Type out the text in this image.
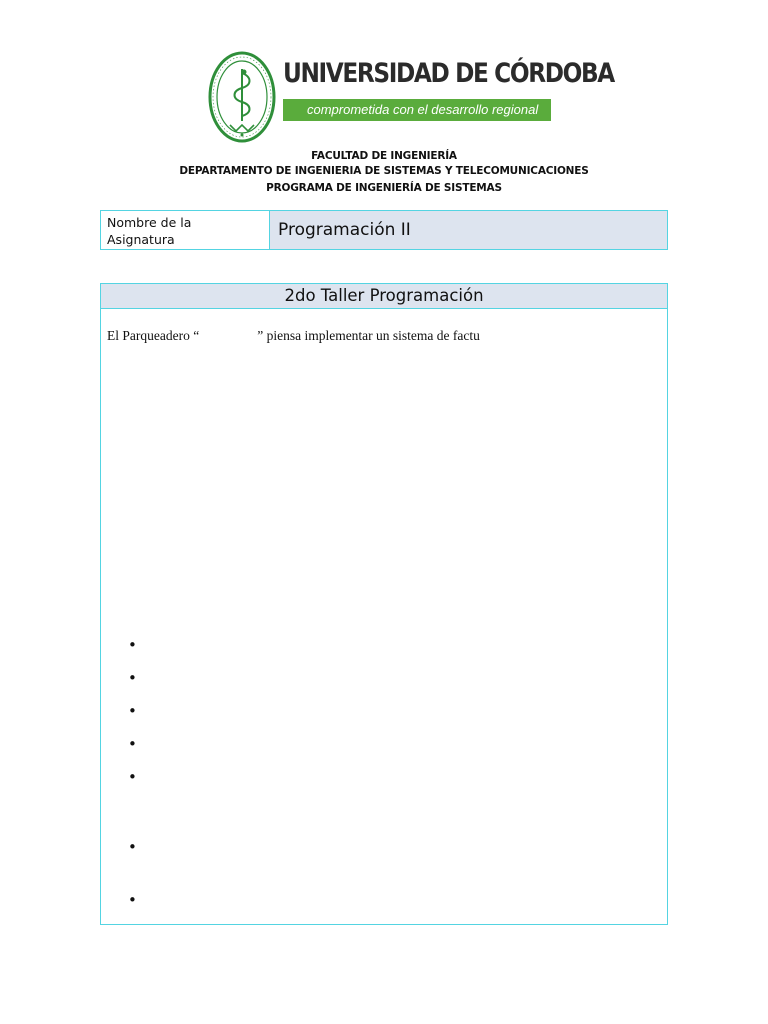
UNIVERSIDAD DE CÓRDOBA
comprometida con el desarrollo regional
FACULTAD DE INGENIERÍA
DEPARTAMENTO DE INGENIERIA DE SISTEMAS Y TELECOMUNICACIONES
PROGRAMA DE INGENIERÍA DE SISTEMAS
Nombre de la Asignatura	Programación II
2do Taller Programación
El Parqueadero “	” piensa implementar un sistema de factu
•
•
•
•
•
•
•
